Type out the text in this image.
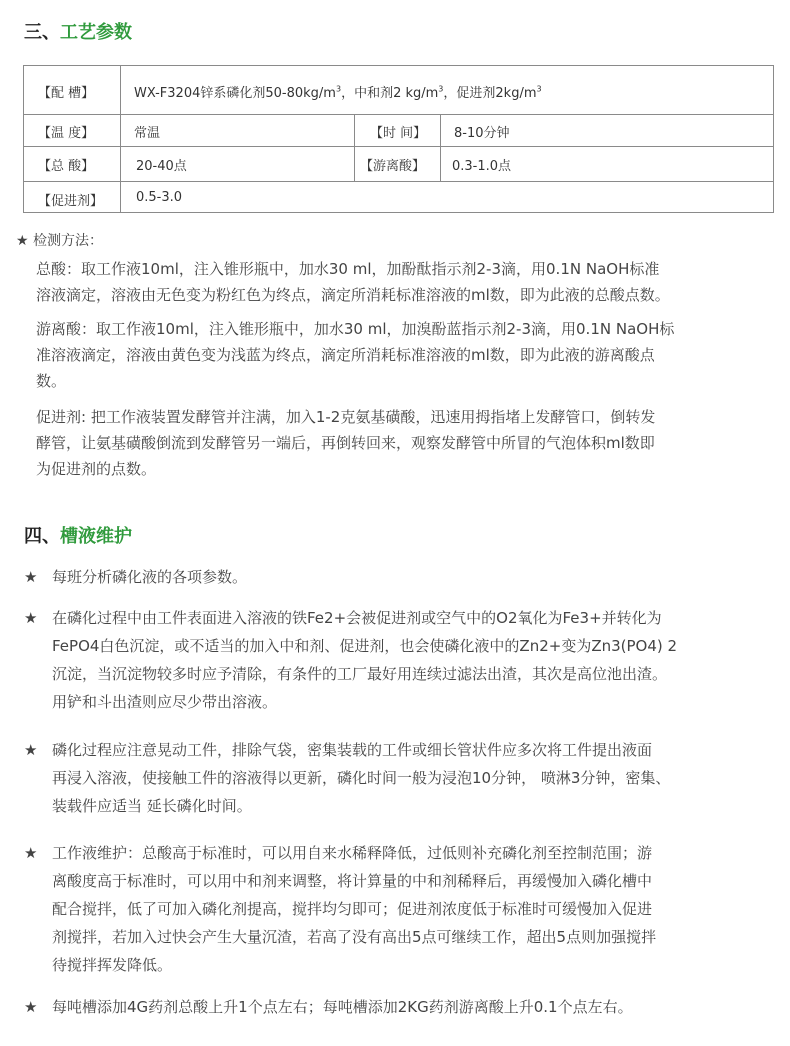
三、工艺参数
【配 槽】	WX-F3204锌系磷化剂$50-80kg/m^3$，中和剂2 $kg/m^3$，促进剂$2kg/m^3$
【温 度】	常温	【时 间】 8-10分钟
【总 酸】	20-40点	【游离酸】 0.3-1.0点
【促进剂】	0.5-3.0
★ 检测方法：

总酸：取工作液10ml，注入锥形瓶中，加水30 ml，加酚酞指示剂2-3滴，用0.1N NaOH标准

溶液滴定，溶液由无色变为粉红色为终点，滴定所消耗标准溶液的ml数，即为此液的总酸点数。

游离酸：取工作液10ml，注入锥形瓶中，加水30 ml，加溴酚蓝指示剂2-3滴，用0.1N NaOH标

准溶液滴定，溶液由黄色变为浅蓝为终点，滴定所消耗标准溶液的ml数，即为此液的游离酸点

数。

促进剂: 把工作液装置发酵管并注满，加入1-2克氨基磺酸，迅速用拇指堵上发酵管口，倒转发

酵管，让氨基磺酸倒流到发酵管另一端后，再倒转回来，观察发酵管中所冒的气泡体积ml数即

为促进剂的点数。

四、槽液维护
★ 每班分析磷化液的各项参数。
★ 在磷化过程中由工件表面进入溶液的铁Fe2+会被促进剂或空气中的O2氧化为Fe3+并转化为
FePO4白色沉淀，或不适当的加入中和剂、促进剂，也会使磷化液中的Zn2+变为Zn3(PO4) 2
沉淀，当沉淀物较多时应予清除，有条件的工厂最好用连续过滤法出渣，其次是高位池出渣。
用铲和斗出渣则应尽少带出溶液。
★ 磷化过程应注意晃动工件，排除气袋，密集装载的工件或细长管状件应多次将工件提出液面
再浸入溶液，使接触工件的溶液得以更新，磷化时间一般为浸泡10分钟， 喷淋3分钟，密集、
装载件应适当 延长磷化时间。
★ 工作液维护：总酸高于标准时，可以用自来水稀释降低，过低则补充磷化剂至控制范围；游
离酸度高于标准时，可以用中和剂来调整，将计算量的中和剂稀释后，再缓慢加入磷化槽中
配合搅拌，低了可加入磷化剂提高，搅拌均匀即可；促进剂浓度低于标准时可缓慢加入促进
剂搅拌，若加入过快会产生大量沉渣，若高了没有高出5点可继续工作，超出5点则加强搅拌
待搅拌挥发降低。
★ 每吨槽添加4G药剂总酸上升1个点左右；每吨槽添加2KG药剂游离酸上升0.1个点左右。
